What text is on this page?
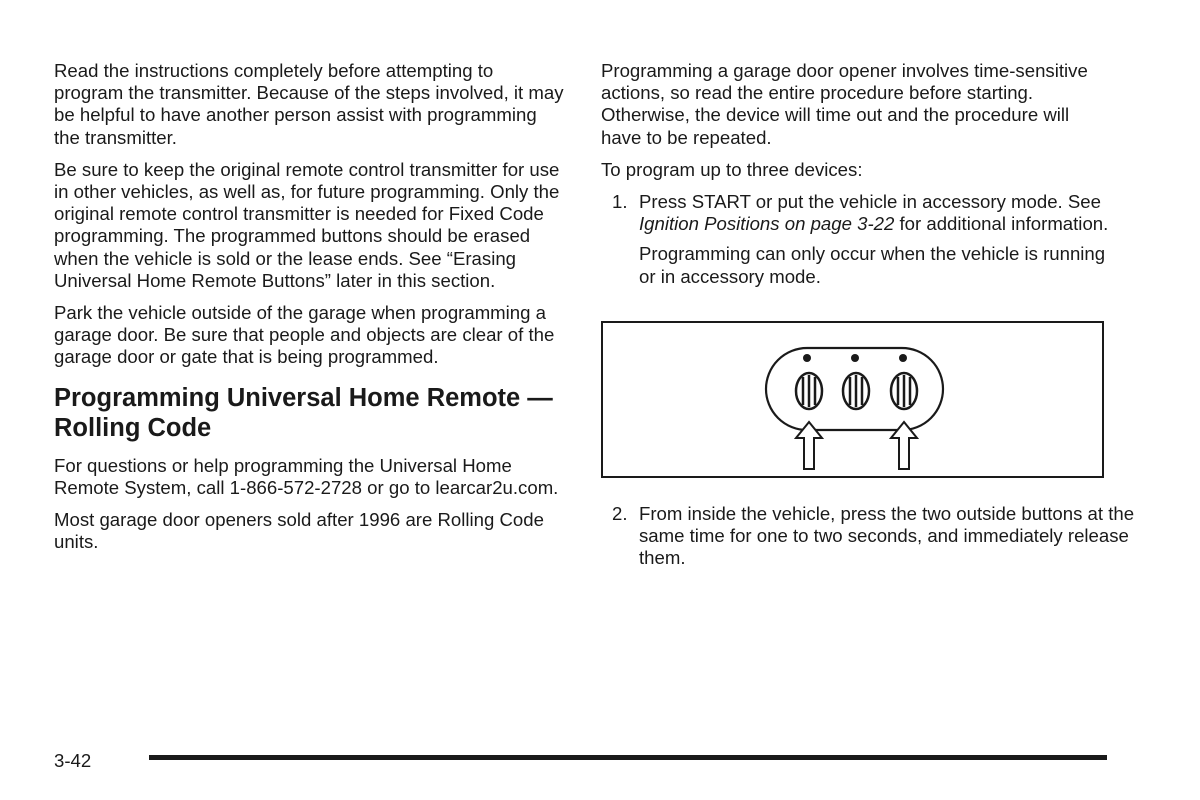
Read the instructions completely before attempting to program the transmitter. Because of the steps involved, it may be helpful to have another person assist with programming the transmitter.

Be sure to keep the original remote control transmitter for use in other vehicles, as well as, for future programming. Only the original remote control transmitter is needed for Fixed Code programming. The programmed buttons should be erased when the vehicle is sold or the lease ends. See “Erasing Universal Home Remote Buttons” later in this section.

Park the vehicle outside of the garage when programming a garage door. Be sure that people and objects are clear of the garage door or gate that is being programmed.

Programming Universal Home Remote — Rolling Code

For questions or help programming the Universal Home Remote System, call 1-866-572-2728 or go to learcar2u.com.

Most garage door openers sold after 1996 are Rolling Code units.

Programming a garage door opener involves time-sensitive actions, so read the entire procedure before starting. Otherwise, the device will time out and the procedure will have to be repeated.

To program up to three devices:

1. Press START or put the vehicle in accessory mode. See Ignition Positions on page 3-22 for additional information.

Programming can only occur when the vehicle is running or in accessory mode.

2. From inside the vehicle, press the two outside buttons at the same time for one to two seconds, and immediately release them.
3-42
